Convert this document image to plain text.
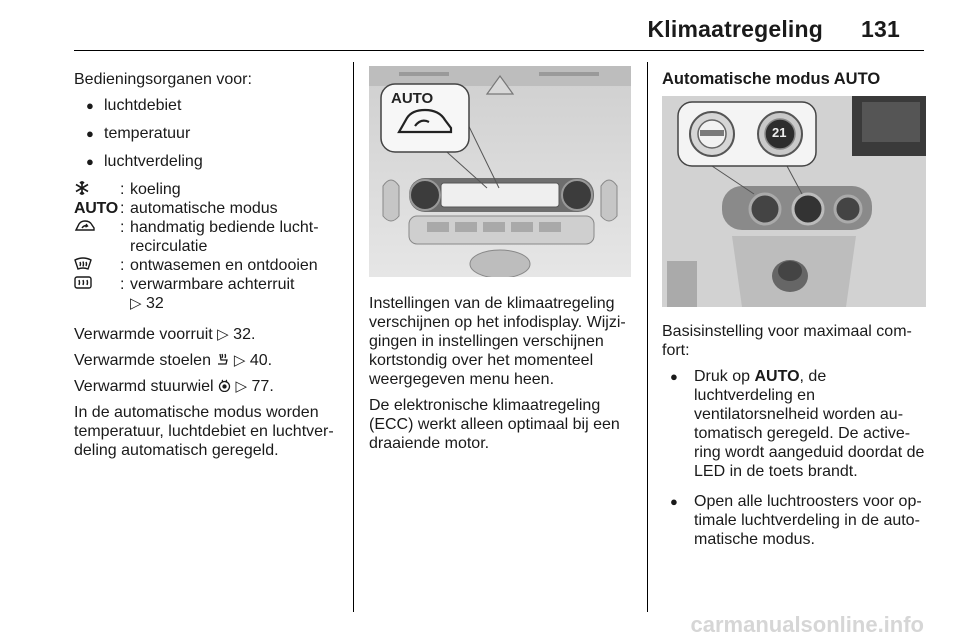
Klimaatregeling 131

Bedieningsorganen voor:

● luchtdebiet
● temperatuur
● luchtverdeling
: koeling
AUTO : automatische modus
: handmatig bediende lucht-
recirculatie
: ontwasemen en ontdooien
: verwarmbare achterruit
▷ 32

Verwarmde voorruit ▷ 32.

Verwarmde stoelen ▷ 40.

Verwarmd stuurwiel ▷ 77.

In de automatische modus worden temperatuur, luchtdebiet en luchtver-deling automatisch geregeld.

AUTO

Instellingen van de klimaatregeling verschijnen op het infodisplay. Wijzi-gingen in instellingen verschijnen kortstondig over het momenteel weergegeven menu heen.

De elektronische klimaatregeling (ECC) werkt alleen optimaal bij een draaiende motor.

Automatische modus AUTO
21

Basisinstelling voor maximaal com-fort:

● Druk op AUTO, de luchtverdeling en ventilatorsnelheid worden au-tomatisch geregeld. De active-ring wordt aangeduid doordat de LED in de toets brandt.
● Open alle luchtroosters voor op-timale luchtverdeling in de auto-matische modus.
carmanualsonline.info
